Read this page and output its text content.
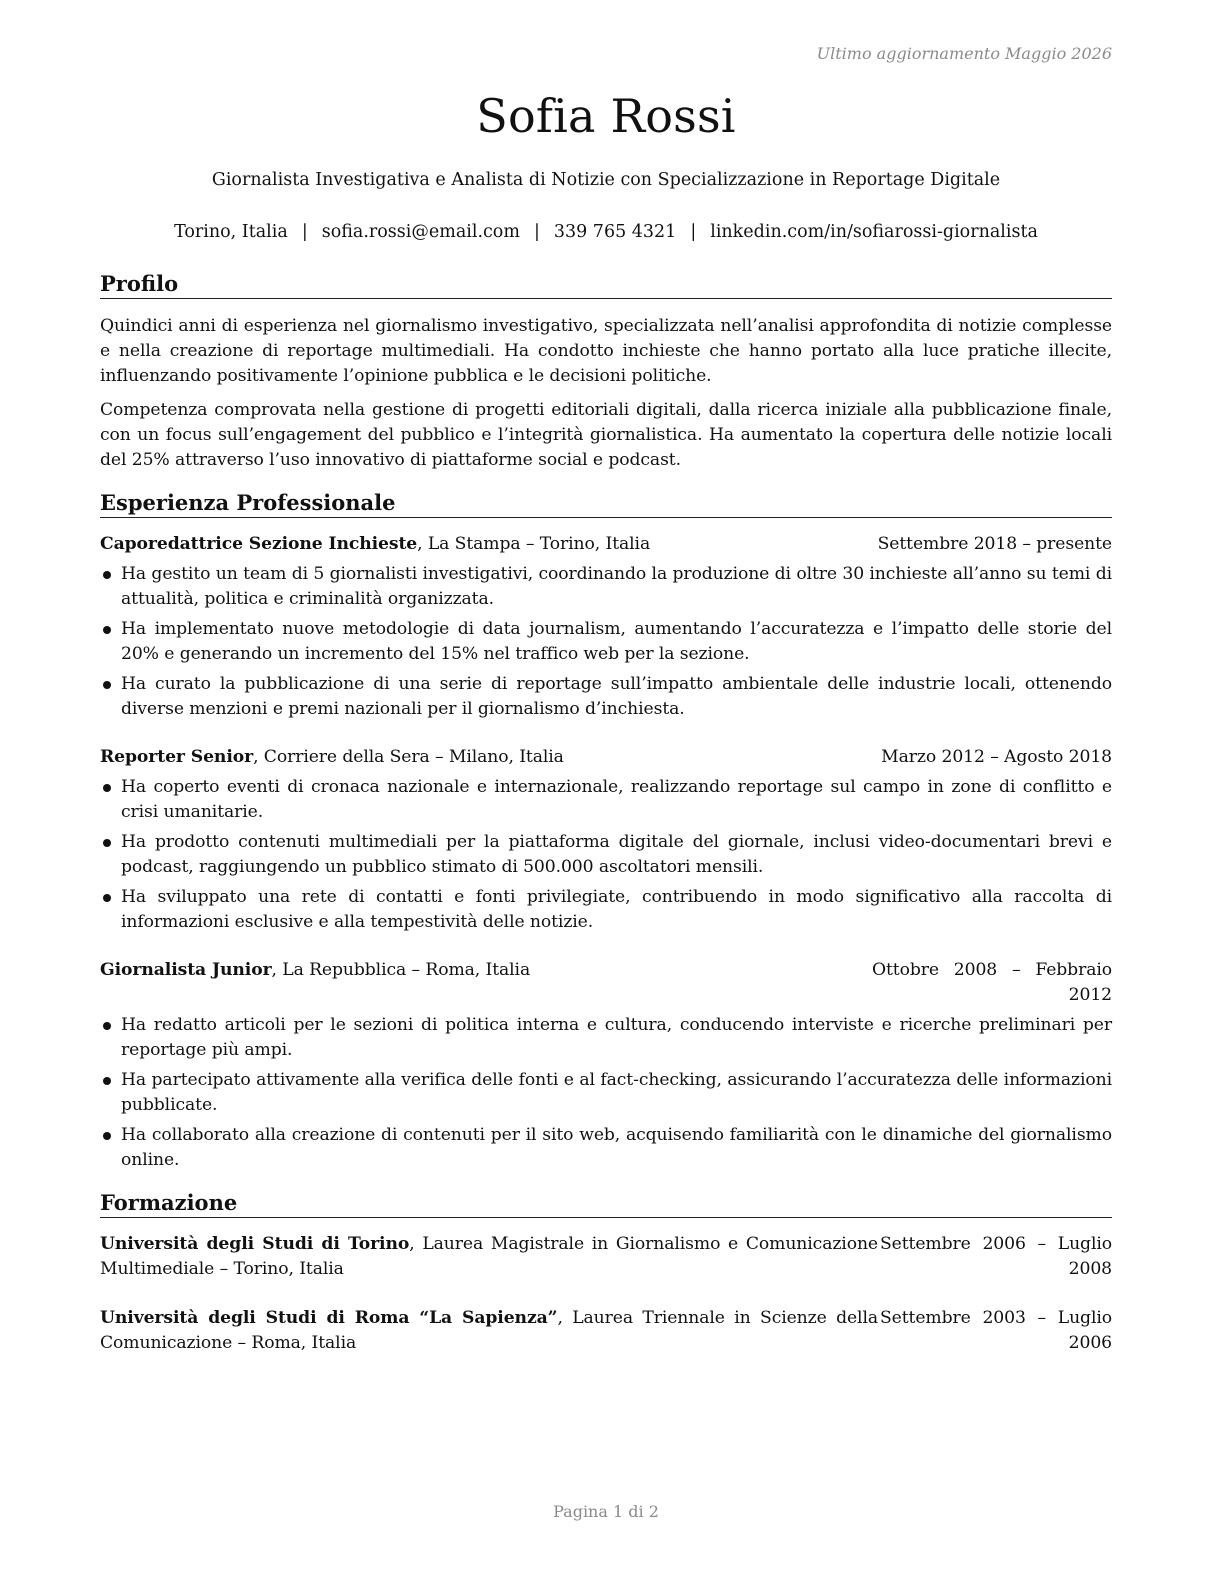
Ultimo aggiornamento Maggio 2026
Sofia Rossi
Giornalista Investigativa e Analista di Notizie con Specializzazione in Reportage Digitale
Torino, Italia | sofia.rossi@email.com | 339 765 4321 | linkedin.com/in/sofiarossi-giornalista
Profilo
Quindici anni di esperienza nel giornalismo investigativo, specializzata nell’analisi approfondita di notizie complesse e nella creazione di reportage multimediali. Ha condotto inchieste che hanno portato alla luce pratiche illecite, influenzando positivamente l’opinione pubblica e le decisioni politiche.
Competenza comprovata nella gestione di progetti editoriali digitali, dalla ricerca iniziale alla pubblicazione finale, con un focus sull’engagement del pubblico e l’integrità giornalistica. Ha aumentato la copertura delle notizie locali del 25% attraverso l’uso innovativo di piattaforme social e podcast.
Esperienza Professionale
Caporedattrice Sezione Inchieste, La Stampa – Torino, Italia	Settembre 2018 – presente
Ha gestito un team di 5 giornalisti investigativi, coordinando la produzione di oltre 30 inchieste all’anno su temi di attualità, politica e criminalità organizzata.
Ha implementato nuove metodologie di data journalism, aumentando l’accuratezza e l’impatto delle storie del 20% e generando un incremento del 15% nel traffico web per la sezione.
Ha curato la pubblicazione di una serie di reportage sull’impatto ambientale delle industrie locali, ottenendo diverse menzioni e premi nazionali per il giornalismo d’inchiesta.
Reporter Senior, Corriere della Sera – Milano, Italia	Marzo 2012 – Agosto 2018
Ha coperto eventi di cronaca nazionale e internazionale, realizzando reportage sul campo in zone di conflitto e crisi umanitarie.
Ha prodotto contenuti multimediali per la piattaforma digitale del giornale, inclusi video-documentari brevi e podcast, raggiungendo un pubblico stimato di 500.000 ascoltatori mensili.
Ha sviluppato una rete di contatti e fonti privilegiate, contribuendo in modo significativo alla raccolta di informazioni esclusive e alla tempestività delle notizie.
Giornalista Junior, La Repubblica – Roma, Italia	Ottobre 2008 – Febbraio
2012
Ha redatto articoli per le sezioni di politica interna e cultura, conducendo interviste e ricerche preliminari per reportage più ampi.
Ha partecipato attivamente alla verifica delle fonti e al fact-checking, assicurando l’accuratezza delle informazioni pubblicate.
Ha collaborato alla creazione di contenuti per il sito web, acquisendo familiarità con le dinamiche del giornalismo online.
Formazione
Università degli Studi di Torino, Laurea Magistrale in Giornalismo e Comunicazione Multimediale – Torino, Italia
Settembre 2006 – Luglio
2008
Università degli Studi di Roma “La Sapienza”, Laurea Triennale in Scienze della Comunicazione – Roma, Italia
Settembre 2003 – Luglio
2006
Pagina 1 di 2
